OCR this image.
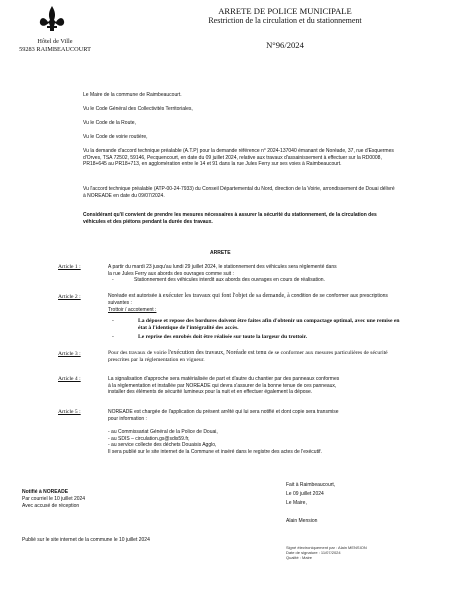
Hôtel de Ville
59283 RAIMBEAUCOURT
ARRETE DE POLICE MUNICIPALE
Restriction de la circulation et du stationnement
N°96/2024
Le Maire de la commune de Raimbeaucourt.
Vu le Code Général des Collectivités Territoriales,
Vu le Code de la Route,
Vu le Code de voirie routière,
Vu la demande d'accord technique préalable (A.T.P) pour la demande référence n° 2024-137040 émanant de Noréade, 37, rue d'Esquermes d'Orves, TSA 72502, 59146, Pecquencourt, en date du 09 juillet 2024, relative aux travaux d'assainissement à effectuer sur la RD0008, PR18+645 au PR18+713, en agglomération entre le 14 et 91 dans la rue Jules Ferry sur ses voies à Raimbeaucourt.
Vu l'accord technique préalable (ATP-00-24-7933) du Conseil Départemental du Nord, direction de la Voirie, arrondissement de Douai délivré à NOREADE en date du 09/07/2024.
Considérant qu'il convient de prendre les mesures nécessaires à assurer la sécurité du stationnement, de la circulation des véhicules et des piétons pendant la durée des travaux.
ARRETE
Article 1 :	A partir du mardi 23 jusqu'au lundi 29 juillet 2024, le stationnement des véhicules sera réglementé dans
la rue Jules Ferry aux abords des ouvrages comme suit :
- Stationnement des véhicules interdit aux abords des ouvrages en cours de réalisation.
Article 2 :	Noréade est autorisée à exécuter les travaux qui font l'objet de sa demande, à condition de se conformer aux prescriptions suivantes :
Trottoir / accotement :
- La dépose et repose des bordures doivent être faites afin d'obtenir un compactage optimal, avec une remise en état à l'identique de l'intégralité des accès.
- Le reprise des enrobés doit être réalisée sur toute la largeur du trottoir.
Article 3 :	Pour des travaux de voirie l'exécution des travaux, Noréade est tenu de se conformer aux mesures particulières de sécurité prescrites par la réglementation en vigueur.
Article 4 :	La signalisation d'approche sera matérialisée de part et d'autre du chantier par des panneaux conformes
à la réglementation et installée par NOREADE qui devra s'assurer de la bonne tenue de ces panneaux,
installer des éléments de sécurité lumineux pour la nuit et en effectuer également la dépose.
Article 5 :	NOREADE est chargée de l'application du présent arrêté qui lui sera notifié et dont copie sera transmise
pour information :
- au Commissariat Général de la Police de Douai,
- au SDIS – circulation.gs@sdis59.fr,
- au service collecte des déchets Douaisis Agglo,
Il sera publié sur le site internet de la Commune et inséré dans le registre des actes de l'exécutif.
Notifié à NOREADE
Par courriel le 10 juillet 2024
Avec accusé de réception
Fait à Raimbeaucourt,
Le 09 juillet 2024
Le Maire,

Alain Mension
Publié sur le site internet de la commune le 10 juillet 2024
Signé électroniquement par : Alain MENSION
Date de signature : 11/07/2024
Qualité : Maire
